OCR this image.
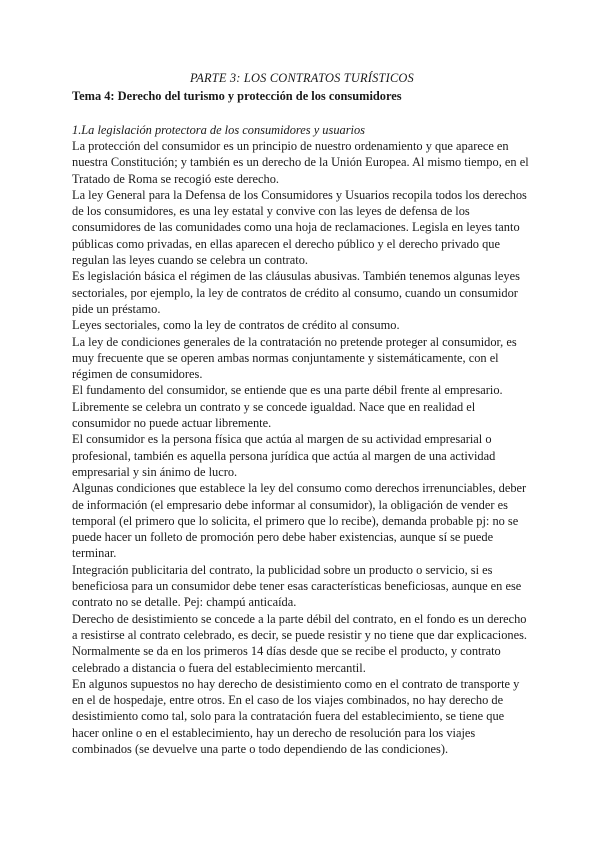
PARTE 3: LOS CONTRATOS TURÍSTICOS

Tema 4: Derecho del turismo y protección de los consumidores

1.La legislación protectora de los consumidores y usuarios

La protección del consumidor es un principio de nuestro ordenamiento y que aparece en nuestra Constitución; y también es un derecho de la Unión Europea. Al mismo tiempo, en el Tratado de Roma se recogió este derecho.

La ley General para la Defensa de los Consumidores y Usuarios recopila todos los derechos de los consumidores, es una ley estatal y convive con las leyes de defensa de los consumidores de las comunidades como una hoja de reclamaciones. Legisla en leyes tanto públicas como privadas, en ellas aparecen el derecho público y el derecho privado que regulan las leyes cuando se celebra un contrato.

Es legislación básica el régimen de las cláusulas abusivas. También tenemos algunas leyes sectoriales, por ejemplo, la ley de contratos de crédito al consumo, cuando un consumidor pide un préstamo.

Leyes sectoriales, como la ley de contratos de crédito al consumo.

La ley de condiciones generales de la contratación no pretende proteger al consumidor, es muy frecuente que se operen ambas normas conjuntamente y sistemáticamente, con el régimen de consumidores.

El fundamento del consumidor, se entiende que es una parte débil frente al empresario. Libremente se celebra un contrato y se concede igualdad. Nace que en realidad el consumidor no puede actuar libremente.

El consumidor es la persona física que actúa al margen de su actividad empresarial o profesional, también es aquella persona jurídica que actúa al margen de una actividad empresarial y sin ánimo de lucro.

Algunas condiciones que establece la ley del consumo como derechos irrenunciables, deber de información (el empresario debe informar al consumidor), la obligación de vender es temporal (el primero que lo solicita, el primero que lo recibe), demanda probable pj: no se puede hacer un folleto de promoción pero debe haber existencias, aunque sí se puede terminar.

Integración publicitaria del contrato, la publicidad sobre un producto o servicio, si es beneficiosa para un consumidor debe tener esas características beneficiosas, aunque en ese contrato no se detalle. Pej: champú anticaída.

Derecho de desistimiento se concede a la parte débil del contrato, en el fondo es un derecho a resistirse al contrato celebrado, es decir, se puede resistir y no tiene que dar explicaciones. Normalmente se da en los primeros 14 días desde que se recibe el producto, y contrato celebrado a distancia o fuera del establecimiento mercantil.

En algunos supuestos no hay derecho de desistimiento como en el contrato de transporte y en el de hospedaje, entre otros. En el caso de los viajes combinados, no hay derecho de desistimiento como tal, solo para la contratación fuera del establecimiento, se tiene que hacer online o en el establecimiento, hay un derecho de resolución para los viajes combinados (se devuelve una parte o todo dependiendo de las condiciones).
